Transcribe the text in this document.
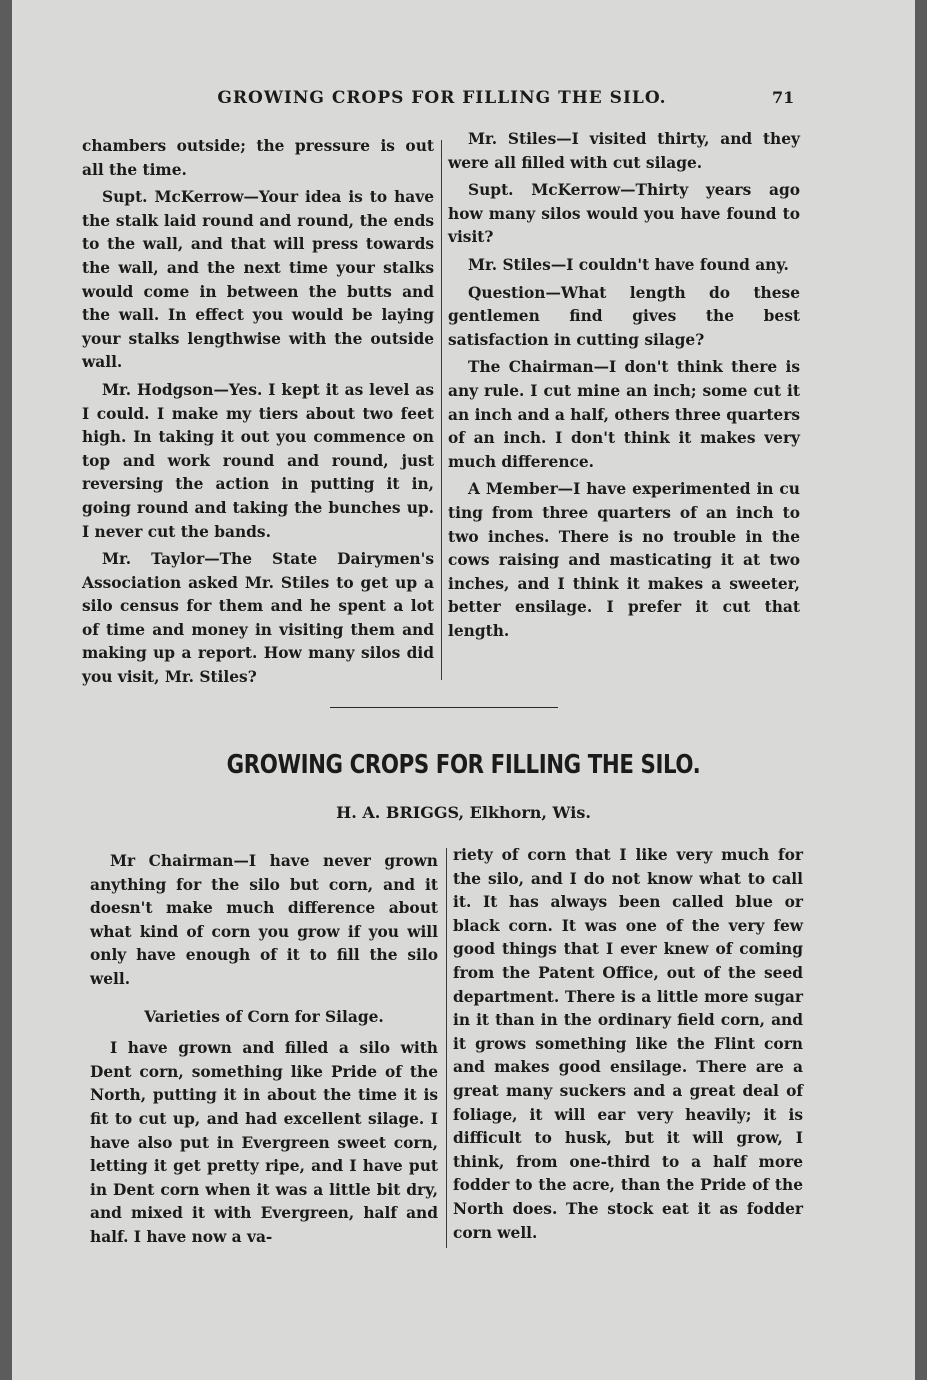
GROWING CROPS FOR FILLING THE SILO.	71

chambers outside; the pressure is out all the time.

Supt. McKerrow—Your idea is to have the stalk laid round and round, the ends to the wall, and that will press towards the wall, and the next time your stalks would come in between the butts and the wall. In effect you would be laying your stalks lengthwise with the outside wall.

Mr. Hodgson—Yes. I kept it as level as I could. I make my tiers about two feet high. In taking it out you commence on top and work round and round, just reversing the action in putting it in, going round and taking the bunches up. I never cut the bands.

Mr. Taylor—The State Dairymen's Association asked Mr. Stiles to get up a silo census for them and he spent a lot of time and money in visiting them and making up a report. How many silos did you visit, Mr. Stiles?

Mr. Stiles—I visited thirty, and they were all filled with cut silage.

Supt. McKerrow—Thirty years ago how many silos would you have found to visit?

Mr. Stiles—I couldn't have found any.

Question—What length do these gentlemen find gives the best satisfaction in cutting silage?

The Chairman—I don't think there is any rule. I cut mine an inch; some cut it an inch and a half, others three quarters of an inch. I don't think it makes very much difference.

A Member—I have experimented in cu ting from three quarters of an inch to two inches. There is no trouble in the cows raising and masticating it at two inches, and I think it makes a sweeter, better ensilage. I prefer it cut that length.

GROWING CROPS FOR FILLING THE SILO.
H. A. BRIGGS, Elkhorn, Wis.

Mr Chairman—I have never grown anything for the silo but corn, and it doesn't make much difference about what kind of corn you grow if you will only have enough of it to fill the silo well.

Varieties of Corn for Silage.

I have grown and filled a silo with Dent corn, something like Pride of the North, putting it in about the time it is fit to cut up, and had excellent silage. I have also put in Evergreen sweet corn, letting it get pretty ripe, and I have put in Dent corn when it was a little bit dry, and mixed it with Evergreen, half and half. I have now a va-

riety of corn that I like very much for the silo, and I do not know what to call it. It has always been called blue or black corn. It was one of the very few good things that I ever knew of coming from the Patent Office, out of the seed department. There is a little more sugar in it than in the ordinary field corn, and it grows something like the Flint corn and makes good ensilage. There are a great many suckers and a great deal of foliage, it will ear very heavily; it is difficult to husk, but it will grow, I think, from one-third to a half more fodder to the acre, than the Pride of the North does. The stock eat it as fodder corn well.
